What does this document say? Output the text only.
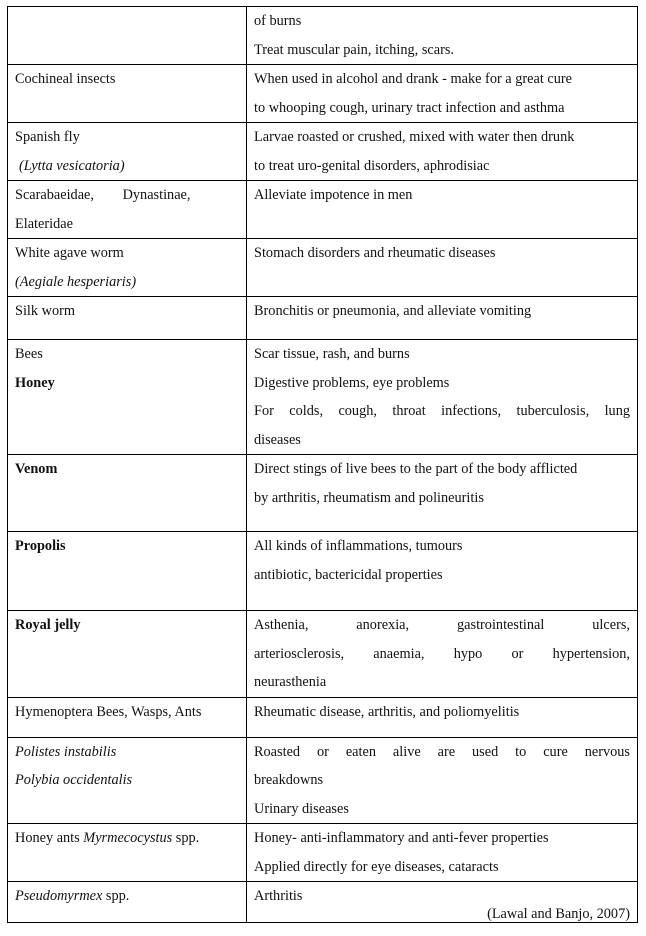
	of burns
Treat muscular pain, itching, scars.

Cochineal insects	When used in alcohol and drank - make for a great cure
to whooping cough, urinary tract infection and asthma

Spanish fly
(Lytta vesicatoria)	Larvae roasted or crushed, mixed with water then drunk
to treat uro-genital disorders, aphrodisiac

Scarabaeidae,        Dynastinae,
Elateridae	Alleviate impotence in men

White agave worm
(Aegiale hesperiaris)	Stomach disorders and rheumatic diseases

Silk worm	Bronchitis or pneumonia, and alleviate vomiting

Bees
Honey	Scar tissue, rash, and burns
Digestive problems, eye problems
For colds, cough, throat infections, tuberculosis, lung
diseases

Venom	Direct stings of live bees to the part of the body afflicted
by arthritis, rheumatism and polineuritis

Propolis	All kinds of inflammations, tumours
antibiotic, bactericidal properties

Royal jelly	Asthenia, anorexia, gastrointestinal ulcers,
arteriosclerosis, anaemia, hypo or hypertension,
neurasthenia

Hymenoptera Bees, Wasps, Ants	Rheumatic disease, arthritis, and poliomyelitis

Polistes instabilis
Polybia occidentalis	Roasted or eaten alive are used to cure nervous
breakdowns
Urinary diseases

Honey ants Myrmecocystus spp.	Honey- anti-inflammatory and anti-fever properties
Applied directly for eye diseases, cataracts

Pseudomyrmex spp.	Arthritis
(Lawal and Banjo, 2007)
